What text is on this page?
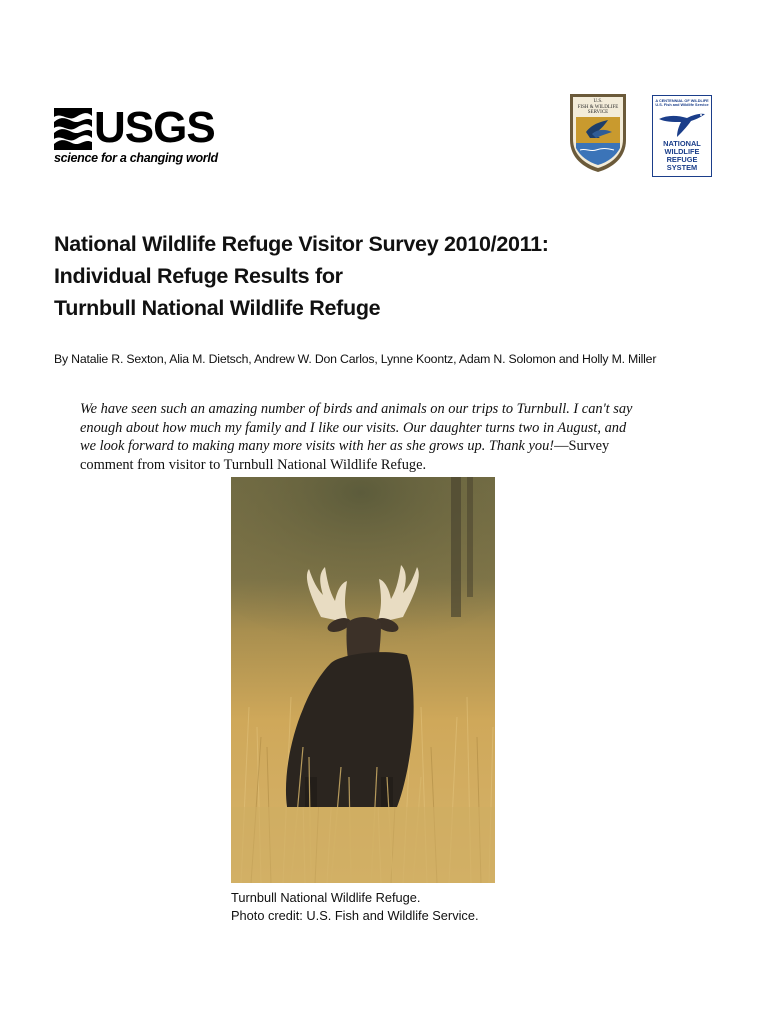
USGS
science for a changing world
U.S.
FISH & WILDLIFE
SERVICE
A CENTENNIAL OF WILDLIFE
U.S. Fish and Wildlife Service
NATIONAL
WILDLIFE
REFUGE
SYSTEM
National Wildlife Refuge Visitor Survey 2010/2011:
Individual Refuge Results for
Turnbull National Wildlife Refuge
By Natalie R. Sexton, Alia M. Dietsch, Andrew W. Don Carlos, Lynne Koontz, Adam N. Solomon and Holly M. Miller
We have seen such an amazing number of birds and animals on our trips to Turnbull. I can't say
enough about how much my family and I like our visits. Our daughter turns two in August, and
we look forward to making many more visits with her as she grows up. Thank you!—Survey
comment from visitor to Turnbull National Wildlife Refuge.
Turnbull National Wildlife Refuge.
Photo credit: U.S. Fish and Wildlife Service.
